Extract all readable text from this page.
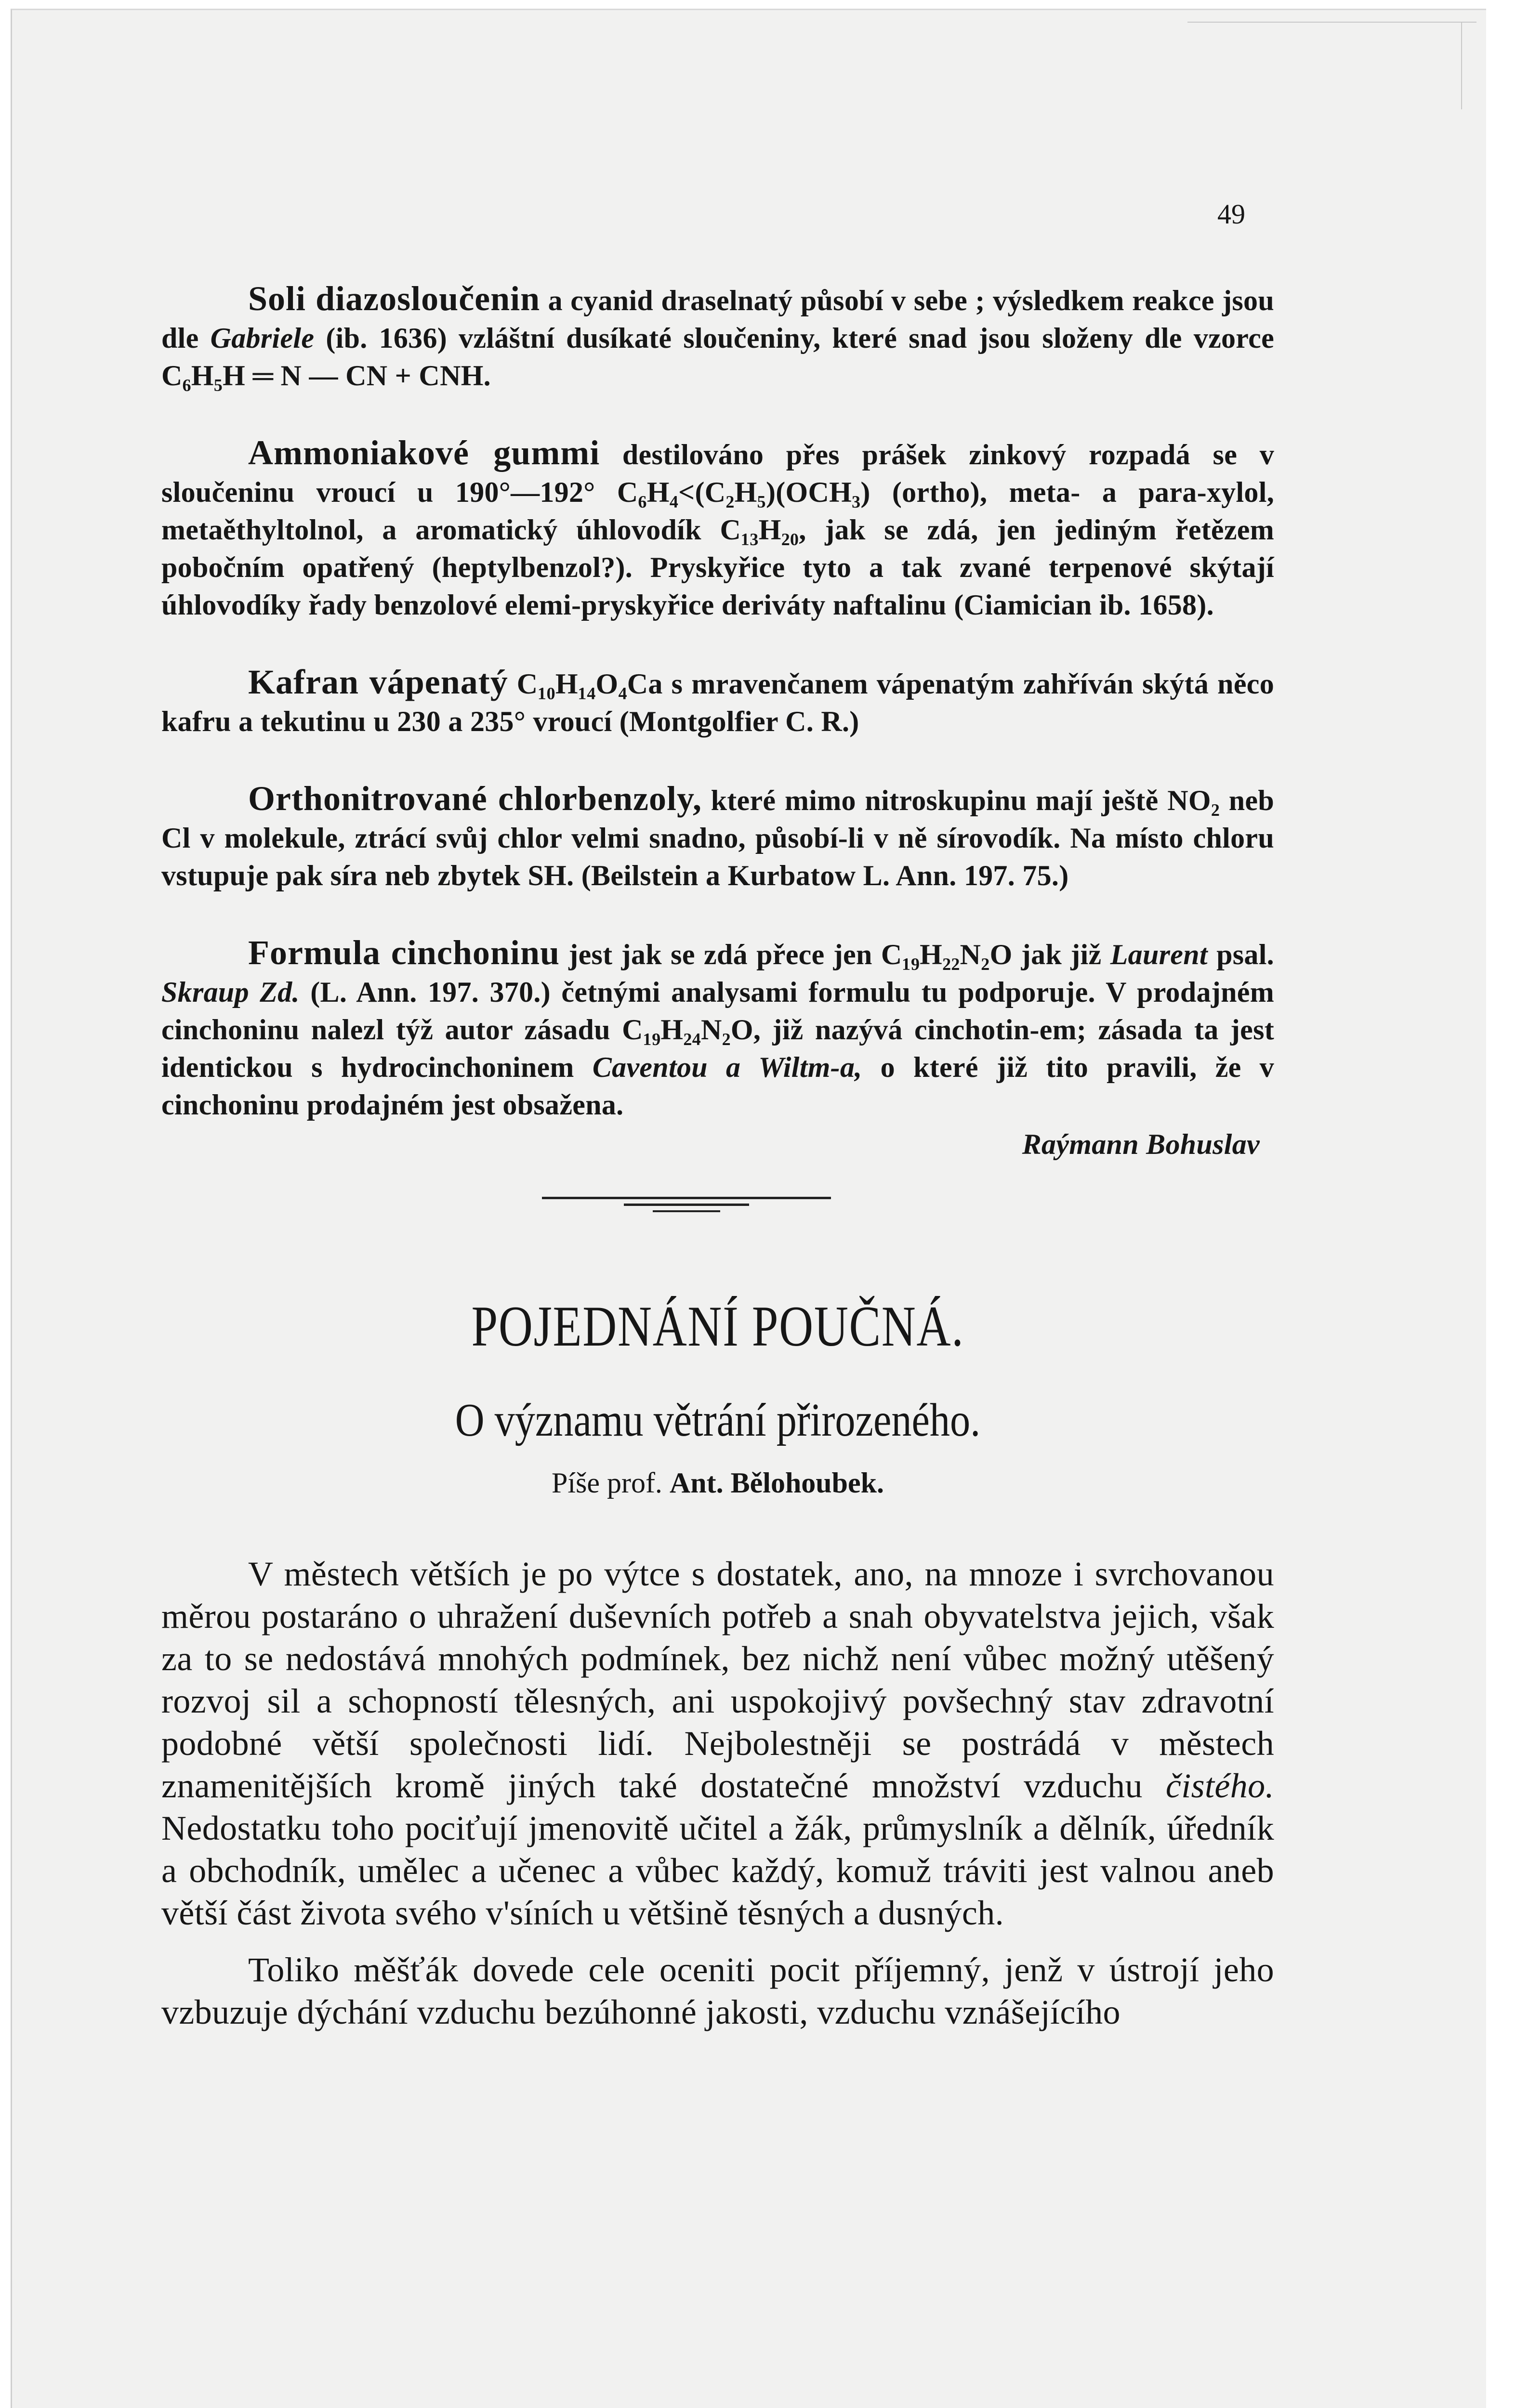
49

Soli diazosloučenin a cyanid draselnatý působí v sebe ; výsledkem reakce jsou dle Gabriele (ib. 1636) vzláštní dusíkaté sloučeniny, které snad jsou složeny dle vzorce C₆H₅H ═ N — CN + CNH.

Ammoniakové gummi destilováno přes prášek zinkový rozpadá se v sloučeninu vroucí u 190°—192° C₆H₄<(C₂H₅)(OCH₃) (ortho), meta- a para-xylol, metaěthyltolnol, a aromatický úhlovodík C₁₃H₂₀, jak se zdá, jen jediným řetězem pobočním opatřený (heptylbenzol?). Pryskyřice tyto a tak zvané terpenové skýtají úhlovodíky řady benzolové elemi-pryskyřice deriváty naftalinu (Ciamician ib. 1658).

Kafran vápenatý C₁₀H₁₄O₄Ca s mravenčanem vápenatým zahříván skýtá něco kafru a tekutinu u 230 a 235° vroucí (Montgolfier C. R.)

Orthonitrované chlorbenzoly, které mimo nitroskupinu mají ještě NO₂ neb Cl v molekule, ztrácí svůj chlor velmi snadno, působí-li v ně sírovodík. Na místo chloru vstupuje pak síra neb zbytek SH. (Beilstein a Kurbatow L. Ann. 197. 75.)

Formula cinchoninu jest jak se zdá přece jen C₁₉H₂₂N₂O jak již Laurent psal. Skraup Zd. (L. Ann. 197. 370.) četnými analysami formulu tu podporuje. V prodajném cinchoninu nalezl týž autor zásadu C₁₉H₂₄N₂O, již nazývá cinchotin-em; zásada ta jest identickou s hydrocinchoninem Caventou a Wiltm-a, o které již tito pravili, že v cinchoninu prodajném jest obsažena.

Raýmann Bohuslav
POJEDNÁNÍ POUČNÁ.
O významu větrání přirozeného.
Píše prof. Ant. Bělohoubek.

V městech větších je po výtce s dostatek, ano, na mnoze i svrchovanou měrou postaráno o uhražení duševních potřeb a snah obyvatelstva jejich, však za to se nedostává mnohých podmínek, bez nichž není vůbec možný utěšený rozvoj sil a schopností tělesných, ani uspokojivý povšechný stav zdravotní podobné větší společnosti lidí. Nejbolestněji se postrádá v městech znamenitějších kromě jiných také dostatečné množství vzduchu čistého. Nedostatku toho pociťují jmenovitě učitel a žák, průmyslník a dělník, úředník a obchodník, umělec a učenec a vůbec každý, komuž tráviti jest valnou aneb větší část života svého v'síních u většině těsných a dusných.

Toliko měšťák dovede cele oceniti pocit příjemný, jenž v ústrojí jeho vzbuzuje dýchání vzduchu bezúhonné jakosti, vzduchu vznášejícího
